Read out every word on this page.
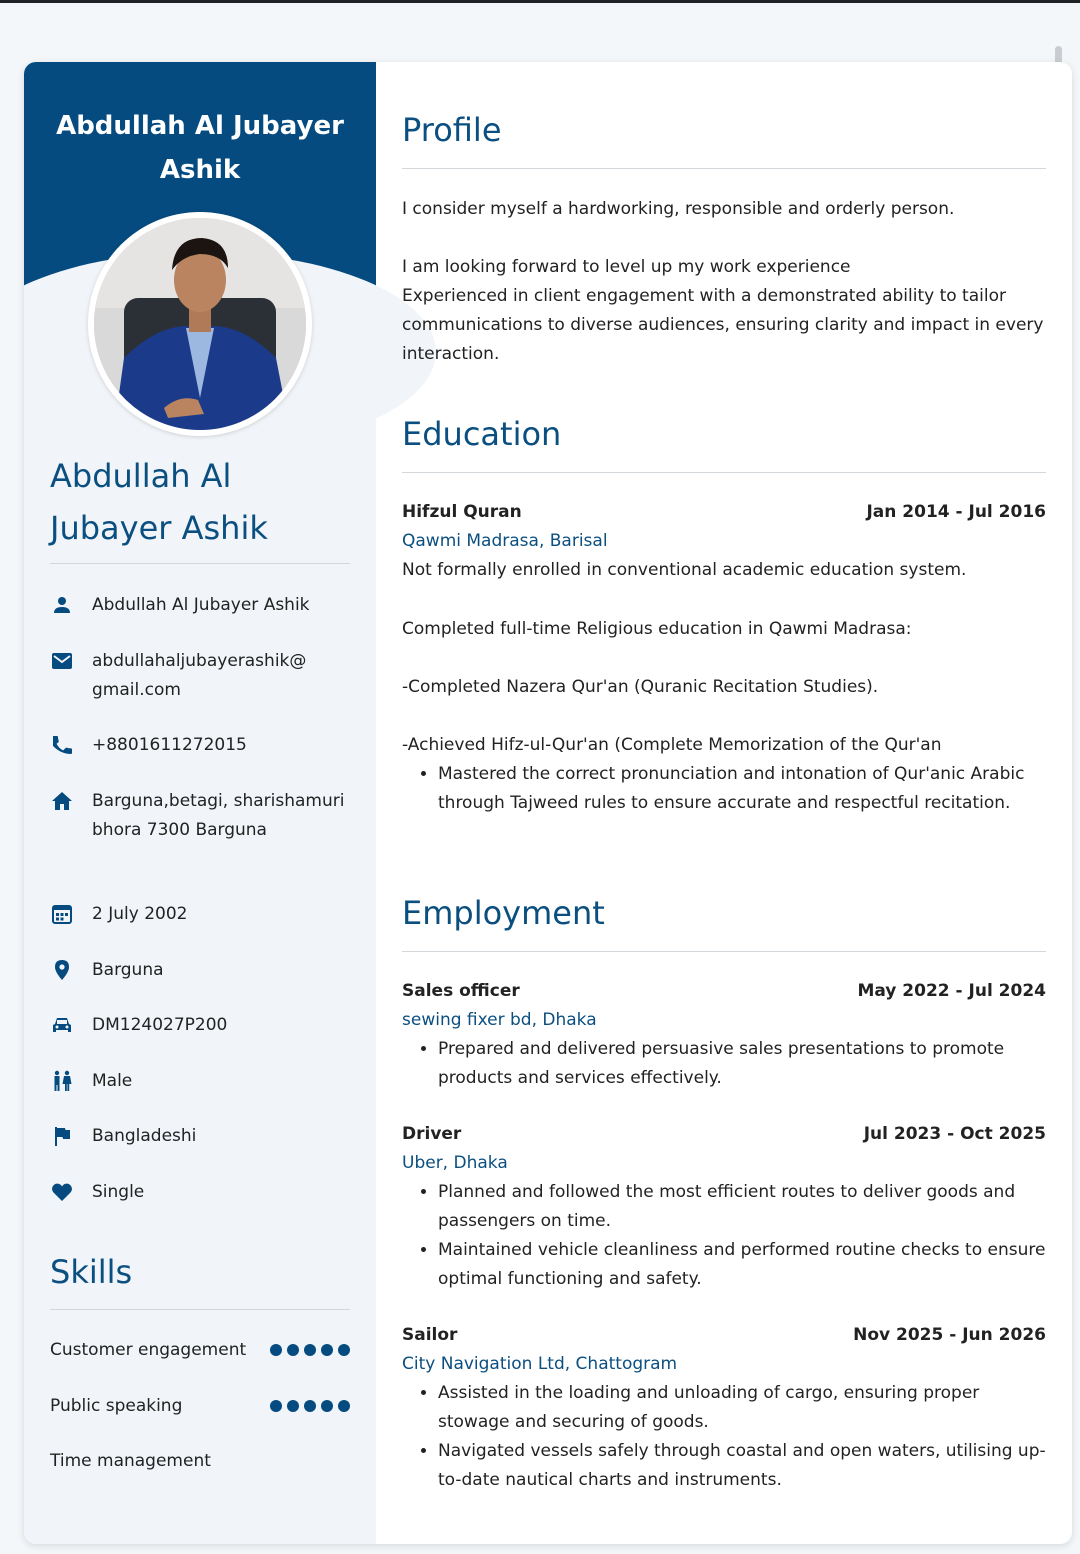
Abdullah Al Jubayer Ashik
Abdullah Al Jubayer Ashik
Abdullah Al Jubayer Ashik
abdullahaljubayerashik@ gmail.com
+8801611272015
Barguna,betagi, sharishamuri bhora 7300 Barguna
2 July 2002
Barguna
DM124027P200
Male
Bangladeshi
Single
Skills
Customer engagement
Public speaking
Time management
Profile
I consider myself a hardworking, responsible and orderly person.
I am looking forward to level up my work experience
Experienced in client engagement with a demonstrated ability to tailor communications to diverse audiences, ensuring clarity and impact in every interaction.
Education
Hifzul Quran	Jan 2014 - Jul 2016
Qawmi Madrasa, Barisal
Not formally enrolled in conventional academic education system.
Completed full-time Religious education in Qawmi Madrasa:
-Completed Nazera Qur'an (Quranic Recitation Studies).
-Achieved Hifz-ul-Qur'an (Complete Memorization of the Qur'an
• Mastered the correct pronunciation and intonation of Qur'anic Arabic through Tajweed rules to ensure accurate and respectful recitation.
Employment
Sales officer	May 2022 - Jul 2024
sewing fixer bd, Dhaka
• Prepared and delivered persuasive sales presentations to promote products and services effectively.
Driver	Jul 2023 - Oct 2025
Uber, Dhaka
• Planned and followed the most efficient routes to deliver goods and passengers on time.
• Maintained vehicle cleanliness and performed routine checks to ensure optimal functioning and safety.
Sailor	Nov 2025 - Jun 2026
City Navigation Ltd, Chattogram
• Assisted in the loading and unloading of cargo, ensuring proper stowage and securing of goods.
• Navigated vessels safely through coastal and open waters, utilising up-to-date nautical charts and instruments.
